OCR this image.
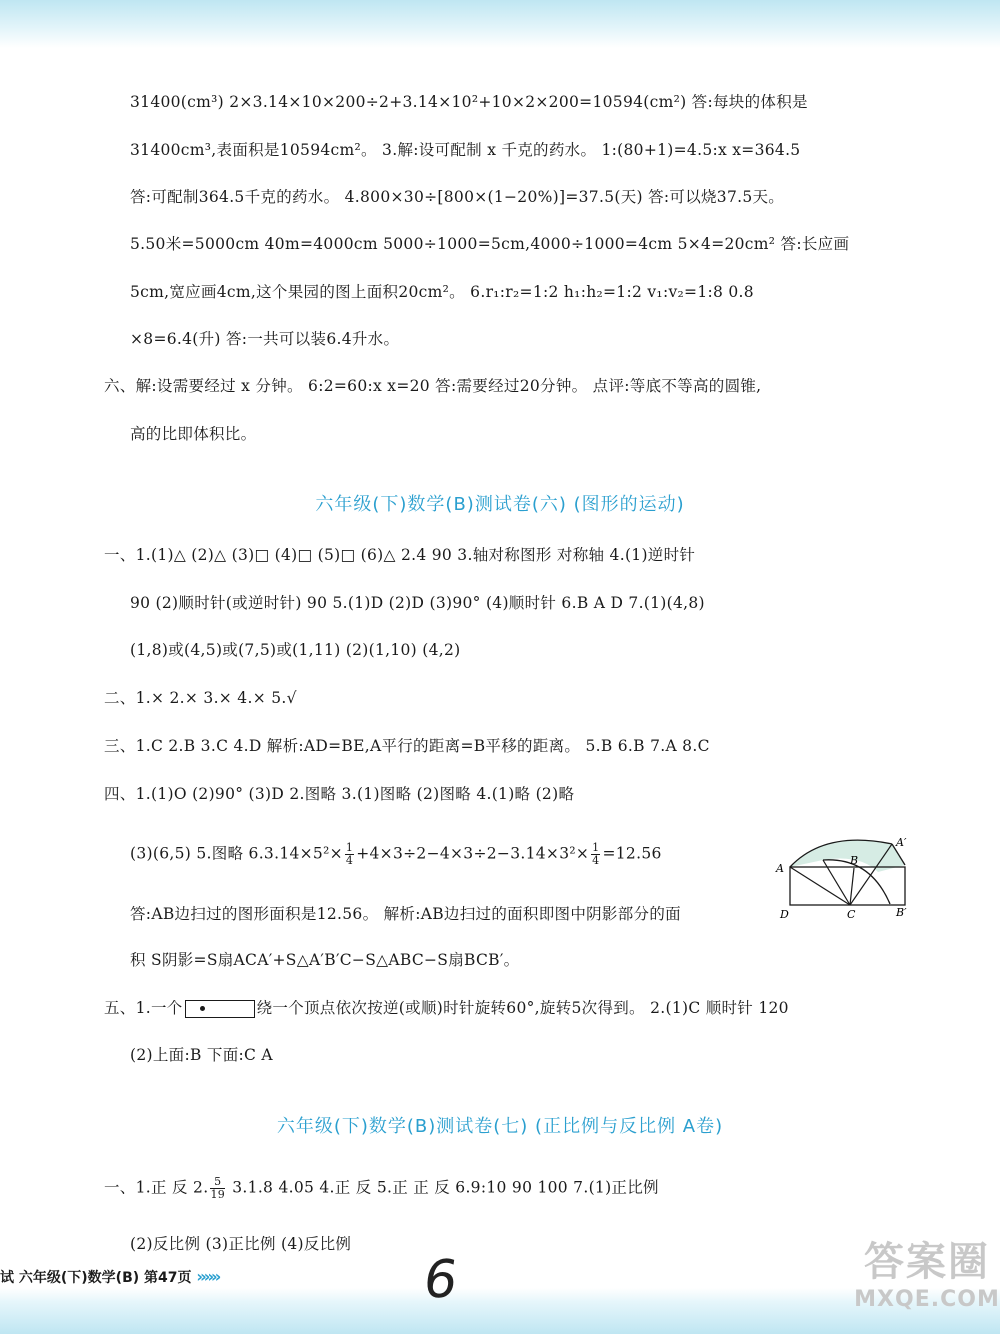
31400(cm³) 2×3.14×10×200÷2+3.14×10²+10×2×200=10594(cm²) 答:每块的体积是
31400cm³,表面积是10594cm²。 3.解:设可配制 x 千克的药水。 1:(80+1)=4.5:x x=364.5
答:可配制364.5千克的药水。 4.800×30÷[800×(1−20%)]=37.5(天) 答:可以烧37.5天。
5.50米=5000cm 40m=4000cm 5000÷1000=5cm,4000÷1000=4cm 5×4=20cm² 答:长应画
5cm,宽应画4cm,这个果园的图上面积20cm²。 6.r₁:r₂=1:2 h₁:h₂=1:2 v₁:v₂=1:8 0.8
×8=6.4(升) 答:一共可以装6.4升水。
六、解:设需要经过 x 分钟。 6:2=60:x x=20 答:需要经过20分钟。 点评:等底不等高的圆锥,
高的比即体积比。
六年级(下)数学(B)测试卷(六) (图形的运动)
一、1.(1)△ (2)△ (3)□ (4)□ (5)□ (6)△ 2.4 90 3.轴对称图形 对称轴 4.(1)逆时针
90 (2)顺时针(或逆时针) 90 5.(1)D (2)D (3)90° (4)顺时针 6.B A D 7.(1)(4,8)
(1,8)或(4,5)或(7,5)或(1,11) (2)(1,10) (4,2)
二、1.× 2.× 3.× 4.× 5.√
三、1.C 2.B 3.C 4.D 解析:AD=BE,A平行的距离=B平移的距离。 5.B 6.B 7.A 8.C
四、1.(1)O (2)90° (3)D 2.图略 3.(1)图略 (2)图略 4.(1)略 (2)略
(3)(6,5) 5.图略 $6.3.14\times 5^2\times \frac{1}{4} +4\times 3\div 2-4\times 3\div 2-3.14\times 3^2\times \frac{1}{4} =12.56$
A
B
C
D
A′
B′
答:AB边扫过的图形面积是12.56。 解析:AB边扫过的面积即图中阴影部分的面
积 S阴影=S扇ACA′+S△A′B′C−S△ABC−S扇BCB′。
五、1.一个	绕一个顶点依次按逆(或顺)时针旋转60°,旋转5次得到。 2.(1)C 顺时针 120
(2)上面:B 下面:C A
六年级(下)数学(B)测试卷(七) (正比例与反比例 A卷)
一、1.正 反 2. $\frac{5}{19} 3.1.8$ 4.05 4.正 反 5.正 正 反 6.9:10 90 100 7.(1)正比例
(2)反比例 (3)正比例 (4)反比例
试 六年级(下)数学(B) 第47页 »»»	6	答案圈
MXQE.COM
